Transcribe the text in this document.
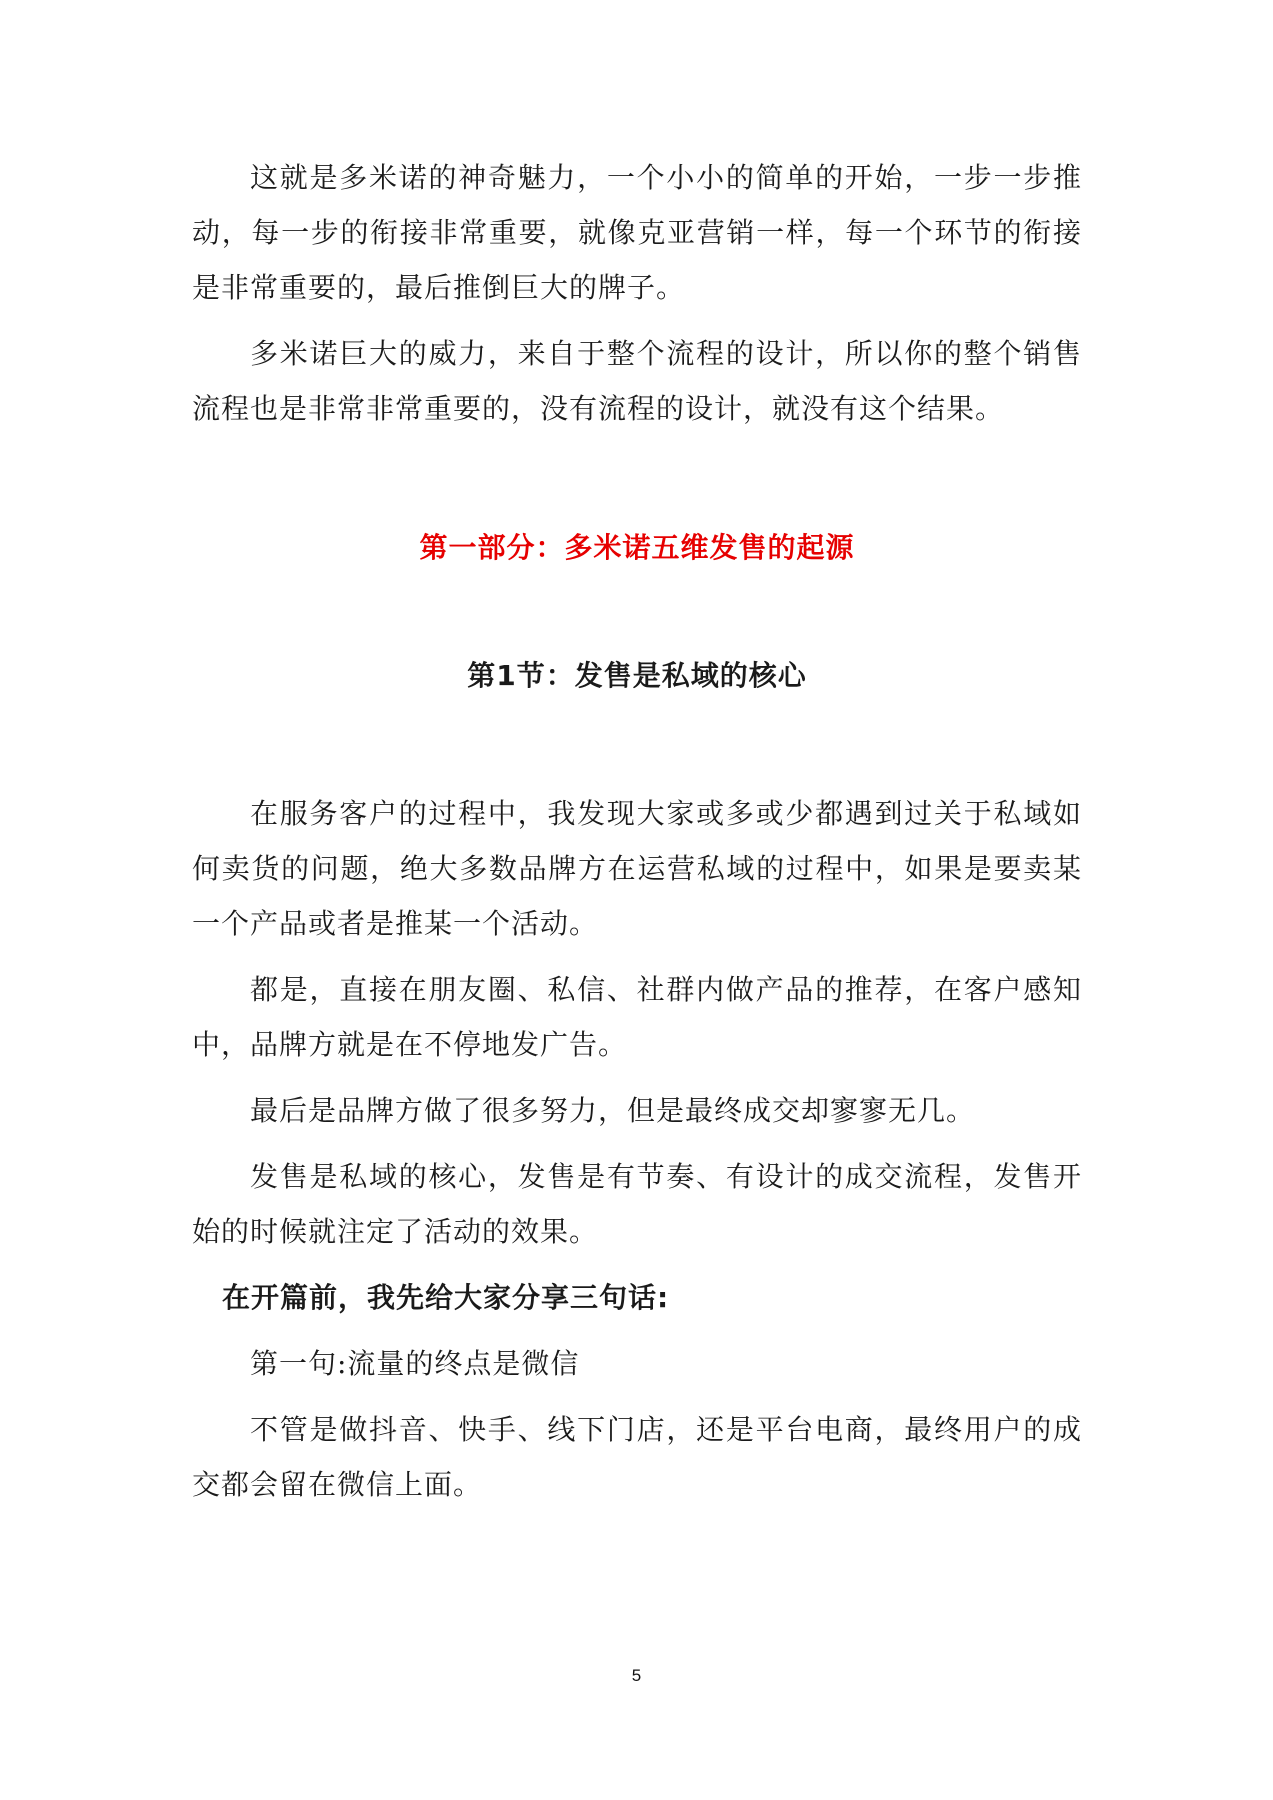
这就是多米诺的神奇魅力，一个小小的简单的开始，一步一步推动，每一步的衔接非常重要，就像克亚营销一样，每一个环节的衔接是非常重要的，最后推倒巨大的牌子。

多米诺巨大的威力，来自于整个流程的设计，所以你的整个销售流程也是非常非常重要的，没有流程的设计，就没有这个结果。

第一部分：多米诺五维发售的起源
第1节：发售是私域的核心

在服务客户的过程中，我发现大家或多或少都遇到过关于私域如何卖货的问题，绝大多数品牌方在运营私域的过程中，如果是要卖某一个产品或者是推某一个活动。

都是，直接在朋友圈、私信、社群内做产品的推荐，在客户感知中，品牌方就是在不停地发广告。

最后是品牌方做了很多努力，但是最终成交却寥寥无几。

发售是私域的核心，发售是有节奏、有设计的成交流程，发售开始的时候就注定了活动的效果。

在开篇前，我先给大家分享三句话:

第一句:流量的终点是微信

不管是做抖音、快手、线下门店，还是平台电商，最终用户的成交都会留在微信上面。

5
